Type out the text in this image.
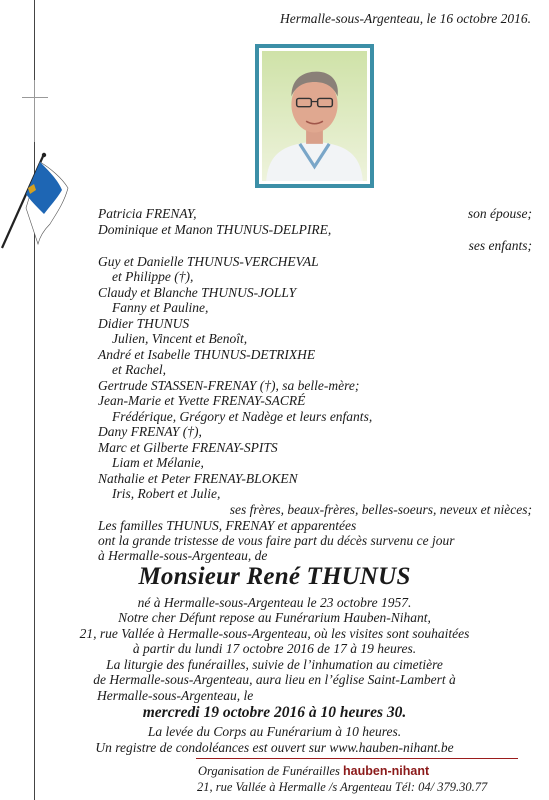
Hermalle-sous-Argenteau, le 16 octobre 2016.
Patricia FRENAY,	son épouse;
Dominique et Manon THUNUS-DELPIRE,
ses enfants;
Guy et Danielle THUNUS-VERCHEVAL
et Philippe (†),
Claudy et Blanche THUNUS-JOLLY
Fanny et Pauline,
Didier THUNUS
Julien, Vincent et Benoît,
André et Isabelle THUNUS-DETRIXHE
et Rachel,
Gertrude STASSEN-FRENAY (†), sa belle-mère;
Jean-Marie et Yvette FRENAY-SACRÉ
Frédérique, Grégory et Nadège et leurs enfants,
Dany FRENAY (†),
Marc et Gilberte FRENAY-SPITS
Liam et Mélanie,
Nathalie et Peter FRENAY-BLOKEN
Iris, Robert et Julie,
ses frères, beaux-frères, belles-soeurs, neveux et nièces;
Les familles THUNUS, FRENAY et apparentées
ont la grande tristesse de vous faire part du décès survenu ce jour
à Hermalle-sous-Argenteau, de
Monsieur René THUNUS
né à Hermalle-sous-Argenteau le 23 octobre 1957.
Notre cher Défunt repose au Funérarium Hauben-Nihant,
21, rue Vallée à Hermalle-sous-Argenteau, où les visites sont souhaitées
à partir du lundi 17 octobre 2016 de 17 à 19 heures.
La liturgie des funérailles, suivie de l’inhumation au cimetière
de Hermalle-sous-Argenteau, aura lieu en l’église Saint-Lambert à
Hermalle-sous-Argenteau, le
mercredi 19 octobre 2016 à 10 heures 30.
La levée du Corps au Funérarium à 10 heures.
Un registre de condoléances est ouvert sur www.hauben-nihant.be
Organisation de Funérailles hauben-nihant
21, rue Vallée à Hermalle /s Argenteau Tél: 04/ 379.30.77
